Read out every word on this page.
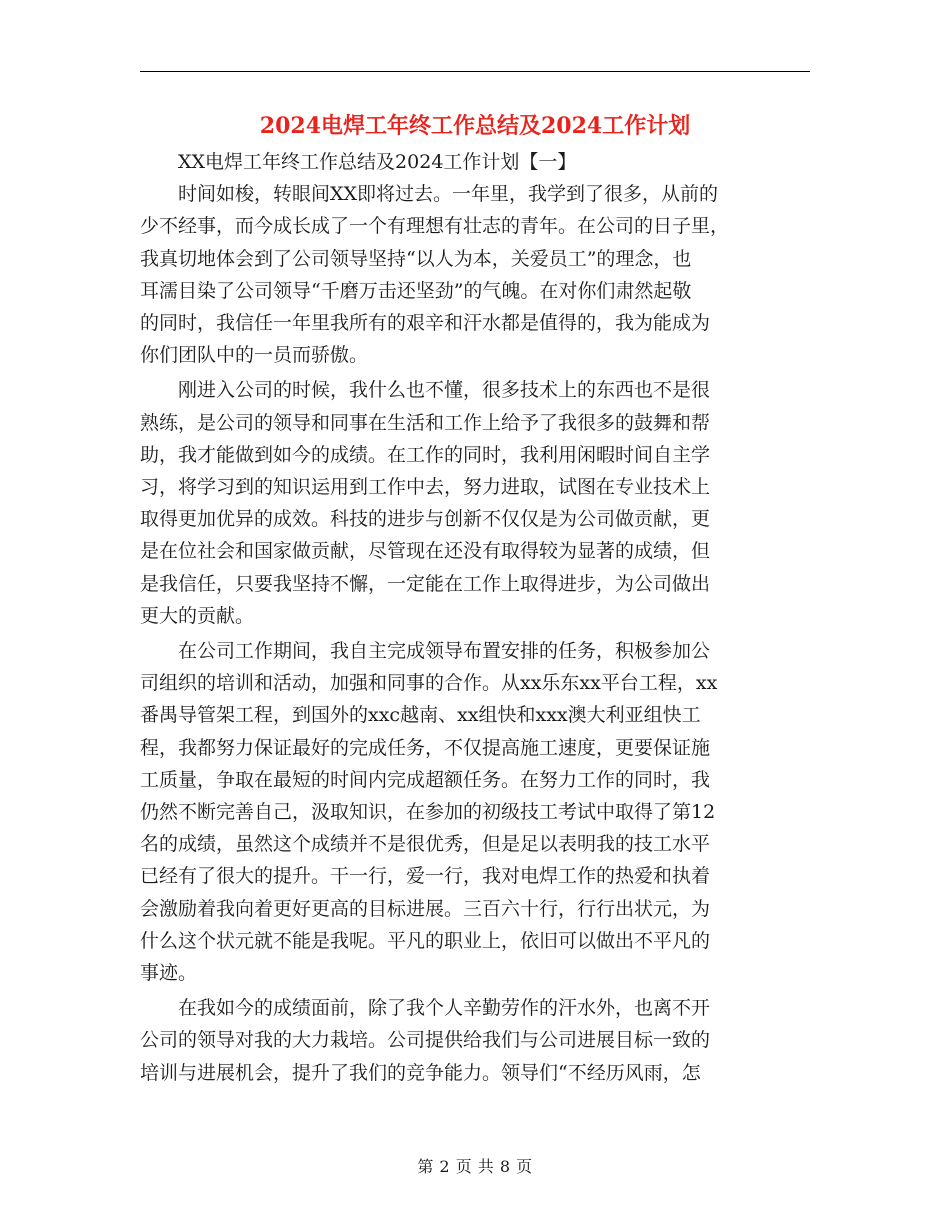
2024电焊工年终工作总结及2024工作计划
XX电焊工年终工作总结及2024工作计划【一】
时间如梭，转眼间XX即将过去。一年里，我学到了很多，从前的
少不经事，而今成长成了一个有理想有壮志的青年。在公司的日子里，
我真切地体会到了公司领导坚持“以人为本，关爱员工”的理念，也
耳濡目染了公司领导“千磨万击还坚劲”的气魄。在对你们肃然起敬
的同时，我信任一年里我所有的艰辛和汗水都是值得的，我为能成为
你们团队中的一员而骄傲。
刚进入公司的时候，我什么也不懂，很多技术上的东西也不是很
熟练，是公司的领导和同事在生活和工作上给予了我很多的鼓舞和帮
助，我才能做到如今的成绩。在工作的同时，我利用闲暇时间自主学
习，将学习到的知识运用到工作中去，努力进取，试图在专业技术上
取得更加优异的成效。科技的进步与创新不仅仅是为公司做贡献，更
是在位社会和国家做贡献，尽管现在还没有取得较为显著的成绩，但
是我信任，只要我坚持不懈，一定能在工作上取得进步，为公司做出
更大的贡献。
在公司工作期间，我自主完成领导布置安排的任务，积极参加公
司组织的培训和活动，加强和同事的合作。从xx乐东xx平台工程，xx
番禺导管架工程，到国外的xxc越南、xx组快和xxx澳大利亚组快工
程，我都努力保证最好的完成任务，不仅提高施工速度，更要保证施
工质量，争取在最短的时间内完成超额任务。在努力工作的同时，我
仍然不断完善自己，汲取知识，在参加的初级技工考试中取得了第12
名的成绩，虽然这个成绩并不是很优秀，但是足以表明我的技工水平
已经有了很大的提升。干一行，爱一行，我对电焊工作的热爱和执着
会激励着我向着更好更高的目标进展。三百六十行，行行出状元，为
什么这个状元就不能是我呢。平凡的职业上，依旧可以做出不平凡的
事迹。
在我如今的成绩面前，除了我个人辛勤劳作的汗水外，也离不开
公司的领导对我的大力栽培。公司提供给我们与公司进展目标一致的
培训与进展机会，提升了我们的竞争能力。领导们“不经历风雨，怎
第 2 页 共 8 页
